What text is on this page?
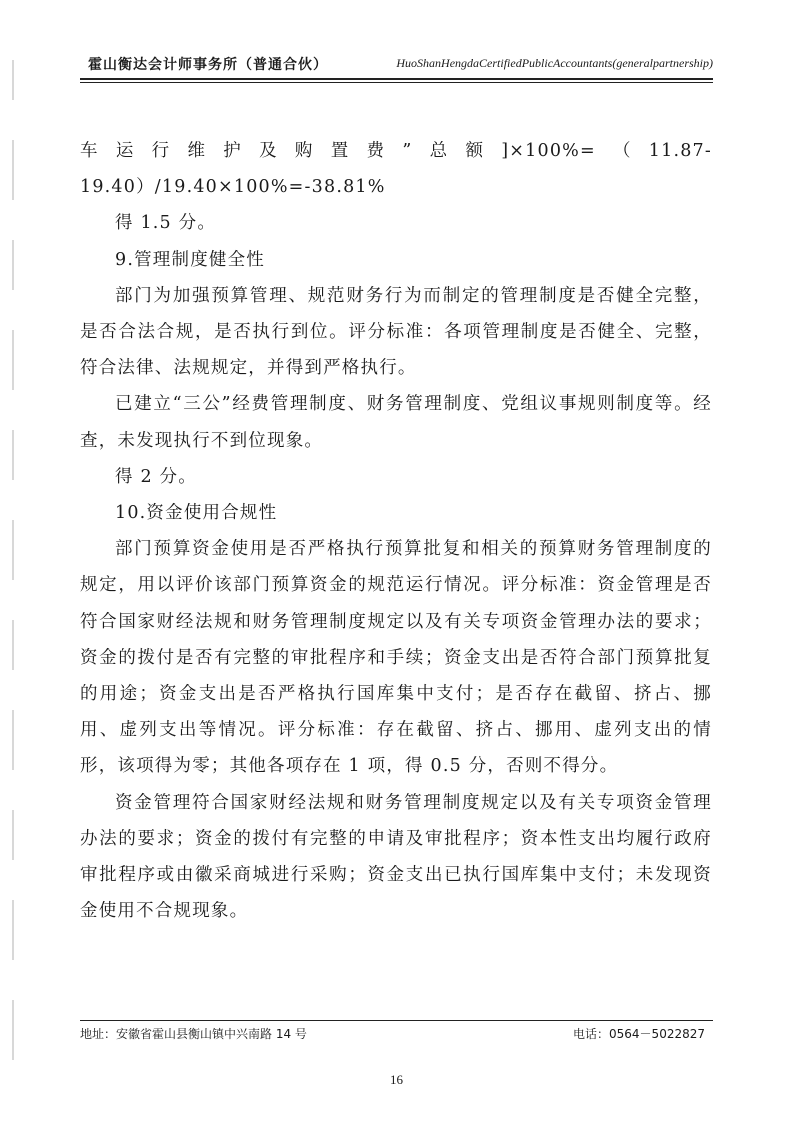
霍山衡达会计师事务所（普通合伙）	HuoShanHengdaCertifiedPublicAccountants(generalpartnership)

车运行维护及购置费”总额]×100%=（11.87-19.40）/19.40×100%=-38.81%

得 1.5 分。

9.管理制度健全性

部门为加强预算管理、规范财务行为而制定的管理制度是否健全完整，是否合法合规，是否执行到位。评分标准：各项管理制度是否健全、完整，符合法律、法规规定，并得到严格执行。

已建立“三公”经费管理制度、财务管理制度、党组议事规则制度等。经查，未发现执行不到位现象。

得 2 分。

10.资金使用合规性

部门预算资金使用是否严格执行预算批复和相关的预算财务管理制度的规定，用以评价该部门预算资金的规范运行情况。评分标准：资金管理是否符合国家财经法规和财务管理制度规定以及有关专项资金管理办法的要求；资金的拨付是否有完整的审批程序和手续；资金支出是否符合部门预算批复的用途；资金支出是否严格执行国库集中支付；是否存在截留、挤占、挪用、虚列支出等情况。评分标准：存在截留、挤占、挪用、虚列支出的情形，该项得为零；其他各项存在 1 项，得 0.5 分，否则不得分。

资金管理符合国家财经法规和财务管理制度规定以及有关专项资金管理办法的要求；资金的拨付有完整的申请及审批程序；资本性支出均履行政府审批程序或由徽采商城进行采购；资金支出已执行国库集中支付；未发现资金使用不合规现象。

地址：安徽省霍山县衡山镇中兴南路 14 号	电话：0564－5022827
16
